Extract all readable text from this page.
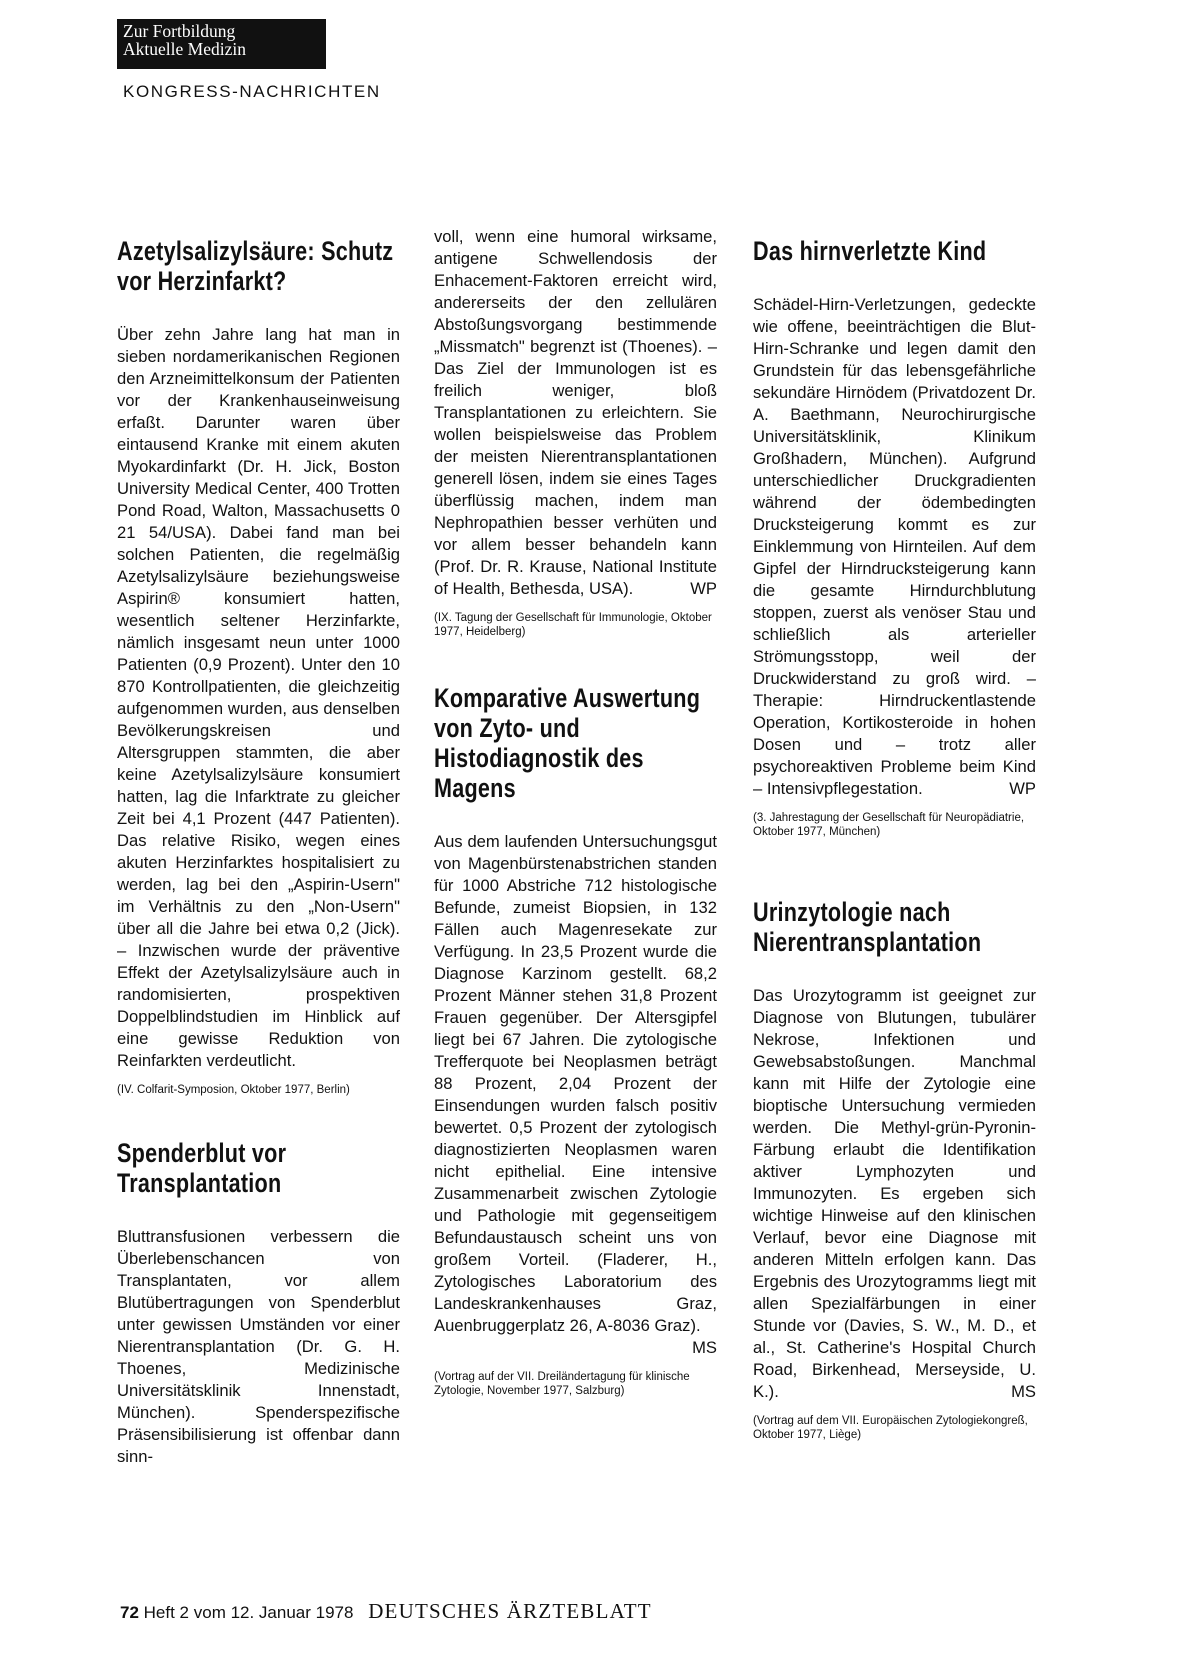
Zur Fortbildung
Aktuelle Medizin
KONGRESS-NACHRICHTEN
Azetylsalizylsäure: Schutz vor Herzinfarkt?

Über zehn Jahre lang hat man in sieben nordamerikanischen Regionen den Arzneimittelkonsum der Patienten vor der Krankenhauseinweisung erfaßt. Darunter waren über eintausend Kranke mit einem akuten Myokardinfarkt (Dr. H. Jick, Boston University Medical Center, 400 Trotten Pond Road, Walton, Massachusetts 0 21 54/USA). Dabei fand man bei solchen Patienten, die regelmäßig Azetylsalizylsäure beziehungsweise Aspirin® konsumiert hatten, wesentlich seltener Herzinfarkte, nämlich insgesamt neun unter 1000 Patienten (0,9 Prozent). Unter den 10 870 Kontrollpatienten, die gleichzeitig aufgenommen wurden, aus denselben Bevölkerungskreisen und Altersgruppen stammten, die aber keine Azetylsalizylsäure konsumiert hatten, lag die Infarktrate zu gleicher Zeit bei 4,1 Prozent (447 Patienten). Das relative Risiko, wegen eines akuten Herzinfarktes hospitalisiert zu werden, lag bei den „Aspirin-Usern" im Verhältnis zu den „Non-Usern" über all die Jahre bei etwa 0,2 (Jick). – Inzwischen wurde der präventive Effekt der Azetylsalizylsäure auch in randomisierten, prospektiven Doppelblindstudien im Hinblick auf eine gewisse Reduktion von Reinfarkten verdeutlicht.

(IV. Colfarit-Symposion, Oktober 1977, Berlin)

Spenderblut vor Transplantation

Bluttransfusionen verbessern die Überlebenschancen von Transplantaten, vor allem Blutübertragungen von Spenderblut unter gewissen Umständen vor einer Nierentransplantation (Dr. G. H. Thoenes, Medizinische Universitätsklinik Innenstadt, München). Spenderspezifische Präsensibilisierung ist offenbar dann sinn-

voll, wenn eine humoral wirksame, antigene Schwellendosis der Enhacement-Faktoren erreicht wird, andererseits der den zellulären Abstoßungsvorgang bestimmende „Missmatch" begrenzt ist (Thoenes). – Das Ziel der Immunologen ist es freilich weniger, bloß Transplantationen zu erleichtern. Sie wollen beispielsweise das Problem der meisten Nierentransplantationen generell lösen, indem sie eines Tages überflüssig machen, indem man Nephropathien besser verhüten und vor allem besser behandeln kann (Prof. Dr. R. Krause, National Institute of Health, Bethesda, USA).	WP

(IX. Tagung der Gesellschaft für Immunologie, Oktober 1977, Heidelberg)

Komparative Auswertung von Zyto- und Histodiagnostik des Magens

Aus dem laufenden Untersuchungsgut von Magenbürstenabstrichen standen für 1000 Abstriche 712 histologische Befunde, zumeist Biopsien, in 132 Fällen auch Magenresekate zur Verfügung. In 23,5 Prozent wurde die Diagnose Karzinom gestellt. 68,2 Prozent Männer stehen 31,8 Prozent Frauen gegenüber. Der Altersgipfel liegt bei 67 Jahren. Die zytologische Trefferquote bei Neoplasmen beträgt 88 Prozent, 2,04 Prozent der Einsendungen wurden falsch positiv bewertet. 0,5 Prozent der zytologisch diagnostizierten Neoplasmen waren nicht epithelial. Eine intensive Zusammenarbeit zwischen Zytologie und Pathologie mit gegenseitigem Befundaustausch scheint uns von großem Vorteil. (Fladerer, H., Zytologisches Laboratorium des Landeskrankenhauses Graz, Auenbruggerplatz 26, A-8036 Graz).
MS

(Vortrag auf der VII. Dreiländertagung für klinische Zytologie, November 1977, Salzburg)

Das hirnverletzte Kind

Schädel-Hirn-Verletzungen, gedeckte wie offene, beeinträchtigen die Blut-Hirn-Schranke und legen damit den Grundstein für das lebensgefährliche sekundäre Hirnödem (Privatdozent Dr. A. Baethmann, Neurochirurgische Universitätsklinik, Klinikum Großhadern, München). Aufgrund unterschiedlicher Druckgradienten während der ödembedingten Drucksteigerung kommt es zur Einklemmung von Hirnteilen. Auf dem Gipfel der Hirndrucksteigerung kann die gesamte Hirndurchblutung stoppen, zuerst als venöser Stau und schließlich als arterieller Strömungsstopp, weil der Druckwiderstand zu groß wird. – Therapie: Hirndruckentlastende Operation, Kortikosteroide in hohen Dosen und – trotz aller psychoreaktiven Probleme beim Kind – Intensivpflegestation.	WP

(3. Jahrestagung der Gesellschaft für Neuropädiatrie, Oktober 1977, München)

Urinzytologie nach Nierentransplantation

Das Urozytogramm ist geeignet zur Diagnose von Blutungen, tubulärer Nekrose, Infektionen und Gewebsabstoßungen. Manchmal kann mit Hilfe der Zytologie eine bioptische Untersuchung vermieden werden. Die Methyl-grün-Pyronin-Färbung erlaubt die Identifikation aktiver Lymphozyten und Immunozyten. Es ergeben sich wichtige Hinweise auf den klinischen Verlauf, bevor eine Diagnose mit anderen Mitteln erfolgen kann. Das Ergebnis des Urozytogramms liegt mit allen Spezialfärbungen in einer Stunde vor (Davies, S. W., M. D., et al., St. Catherine's Hospital Church Road, Birkenhead, Merseyside, U. K.).	MS

(Vortrag auf dem VII. Europäischen Zytologiekongreß, Oktober 1977, Liège)

72 Heft 2 vom 12. Januar 1978 DEUTSCHES ÄRZTEBLATT
